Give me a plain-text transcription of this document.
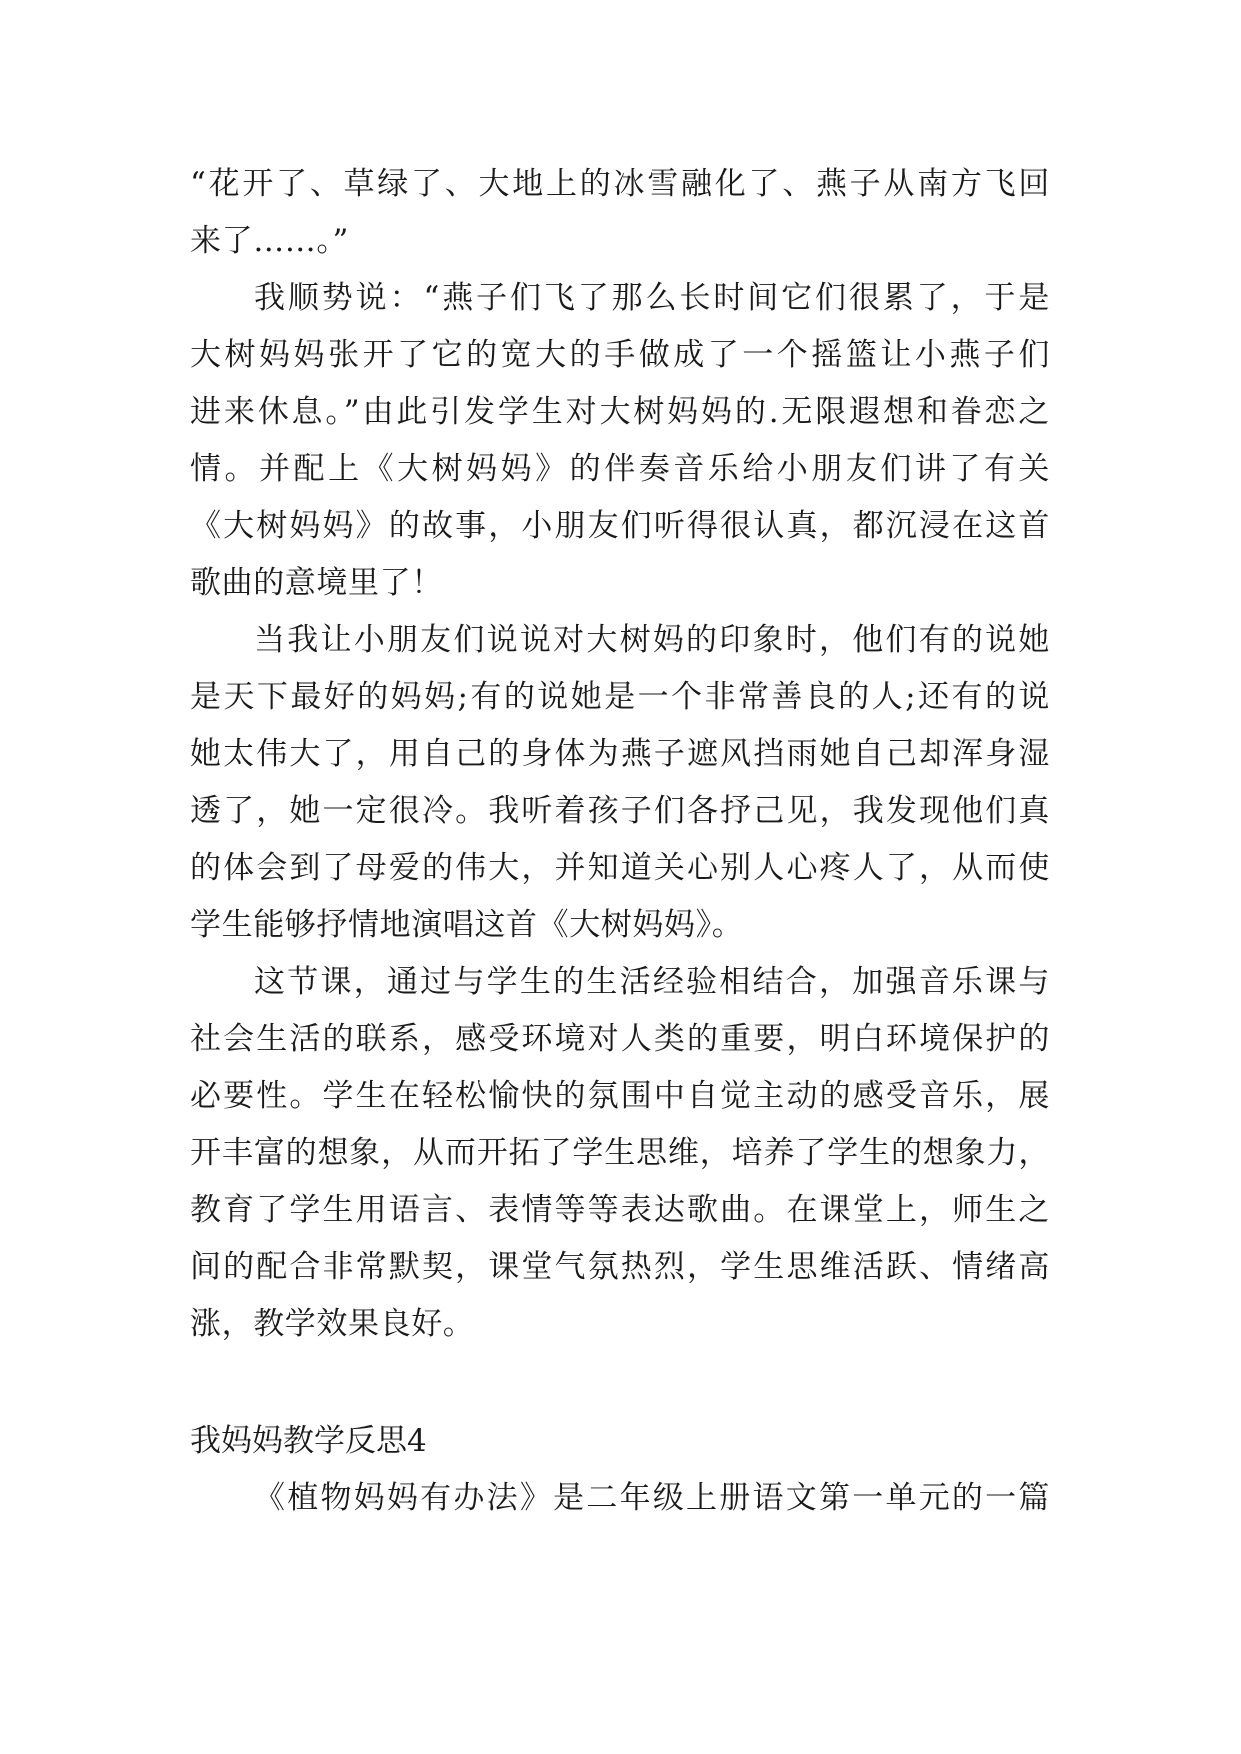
“花开了、草绿了、大地上的冰雪融化了、燕子从南方飞回
来了……。”
我顺势说：“燕子们飞了那么长时间它们很累了，于是
大树妈妈张开了它的宽大的手做成了一个摇篮让小燕子们
进来休息。”由此引发学生对大树妈妈的.无限遐想和眷恋之
情。并配上《大树妈妈》的伴奏音乐给小朋友们讲了有关
《大树妈妈》的故事，小朋友们听得很认真，都沉浸在这首
歌曲的意境里了！
当我让小朋友们说说对大树妈的印象时，他们有的说她
是天下最好的妈妈;有的说她是一个非常善良的人;还有的说
她太伟大了，用自己的身体为燕子遮风挡雨她自己却浑身湿
透了，她一定很冷。我听着孩子们各抒己见，我发现他们真
的体会到了母爱的伟大，并知道关心别人心疼人了，从而使
学生能够抒情地演唱这首《大树妈妈》。
这节课，通过与学生的生活经验相结合，加强音乐课与
社会生活的联系，感受环境对人类的重要，明白环境保护的
必要性。学生在轻松愉快的氛围中自觉主动的感受音乐，展
开丰富的想象，从而开拓了学生思维，培养了学生的想象力，
教育了学生用语言、表情等等表达歌曲。在课堂上，师生之
间的配合非常默契，课堂气氛热烈，学生思维活跃、情绪高
涨，教学效果良好。
我妈妈教学反思4
《植物妈妈有办法》是二年级上册语文第一单元的一篇
